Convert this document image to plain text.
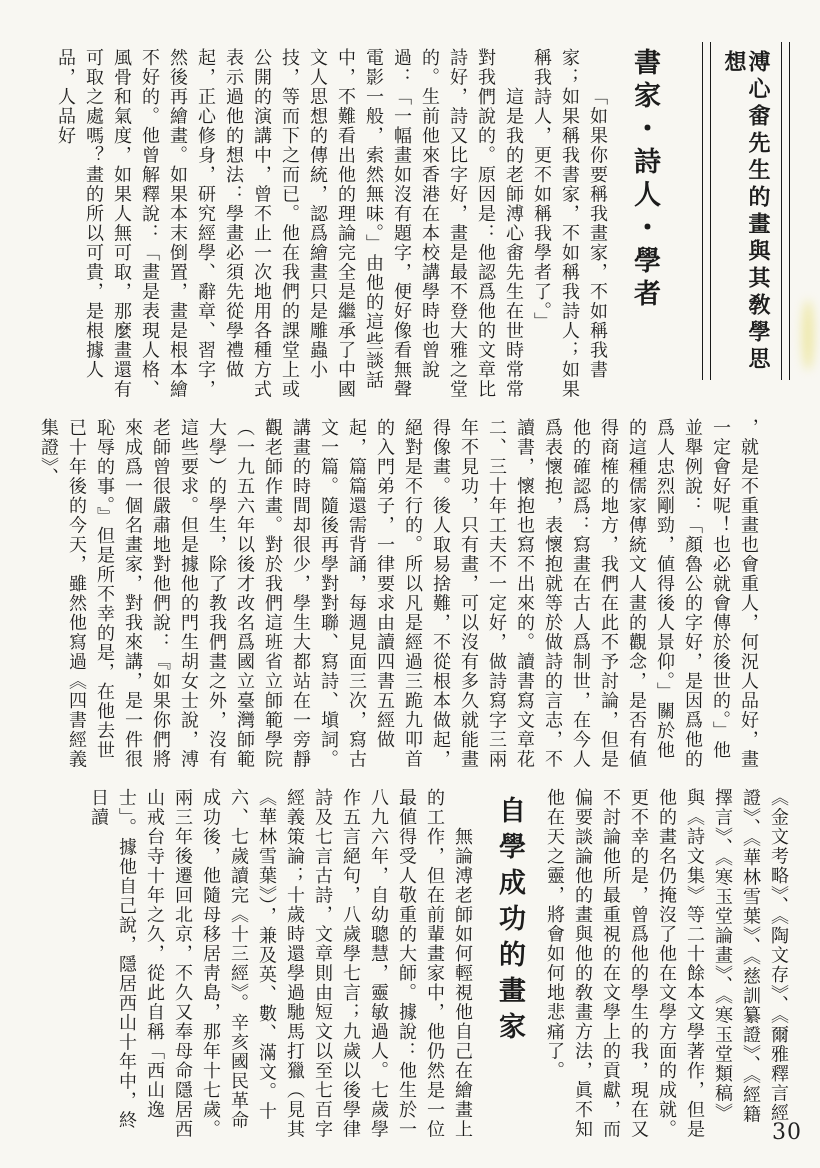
溥心畬先生的畫與其敎學思想
書家・詩人・學者

「如果你要稱我畫家，不如稱我書家；如果稱我書家，不如稱我詩人；如果稱我詩人，更不如稱我學者了。」

這是我的老師溥心畬先生在世時常常對我們說的。原因是：他認爲他的文章比詩好，詩又比字好，畫是最不登大雅之堂的。生前他來香港在本校講學時也曾說過：「一幅畫如沒有題字，便好像看無聲電影一般，索然無味。」由他的這些談話中，不難看出他的理論完全是繼承了中國文人思想的傳統，認爲繪畫只是雕蟲小技，等而下之而已。他在我們的課堂上或公開的演講中，曾不止一次地用各種方式表示過他的想法：學畫必須先從學禮做起，正心修身，研究經學、辭章、習字，然後再繪畫。如果本末倒置，畫是根本繪不好的。他曾解釋說：「畫是表現人格、風骨和氣度，如果人無可取，那麼畫還有可取之處嗎？畫的所以可貴，是根據人品，人品好

，就是不重畫也會重人，何況人品好，畫一定會好呢！也必就會傳於後世的。」他並舉例說：「顏魯公的字好，是因爲他的爲人忠烈剛勁，値得後人景仰。」關於他的這種儒家傳統文人畫的觀念，是否有値得商榷的地方，我們在此不予討論，但是他的確認爲：寫畫在古人爲制世，在今人爲表懷抱，表懷抱就等於做詩的言志，不讀書，懷抱也寫不出來的。讀書寫文章花二、三十年工夫不一定好，做詩寫字三兩年不見功，只有畫，可以沒有多久就能畫得像畫。後人取易捨難，不從根本做起，絕對是不行的。所以凡是經過三跪九叩首的入門弟子，一律要求由讀四書五經做起，篇篇還需背誦，每週見面三次，寫古文一篇。隨後再學對對聯、寫詩、塡詞。講畫的時間却很少，學生大都站在一旁靜觀老師作畫。對於我們這班省立師範學院（一九五六年以後才改名爲國立臺灣師範大學）的學生，除了教我們畫之外，沒有這些要求。但是據他的門生胡女士說，溥老師曾很嚴肅地對他們說：『如果你們將來成爲一個名畫家，對我來講，是一件很恥辱的事。』但是所不幸的是，在他去世已十年後的今天，雖然他寫過《四書經義集證》、

《金文考略》、《陶文存》、《爾雅釋言經證》、《華林雪葉》、《慈訓纂證》、《經籍擇言》、《寒玉堂論畫》、《寒玉堂類稿》與《詩文集》等二十餘本文學著作，但是他的畫名仍掩沒了他在文學方面的成就。更不幸的是，曾爲他的學生的我，現在又不討論他所最重視的在文學上的貢獻，而偏要談論他的畫與他的敎畫方法，眞不知他在天之靈，將會如何地悲痛了。

自學成功的畫家

無論溥老師如何輕視他自己在繪畫上的工作，但在前輩畫家中，他仍然是一位最値得受人敬重的大師。據說：他生於一八九六年，自幼聰慧，靈敏過人。七歲學作五言絕句，八歲學七言；九歲以後學律詩及七言古詩，文章則由短文以至七百字經義策論；十歲時還學過馳馬打獵（見其《華林雪葉》），兼及英、數、滿文。十六、七歲讀完《十三經》。辛亥國民革命成功後，他隨母移居靑島，那年十七歲。兩三年後遷回北京，不久又奉母命隱居西山戒台寺十年之久，從此自稱「西山逸士」。據他自己說，隱居西山十年中，終日讀

30
